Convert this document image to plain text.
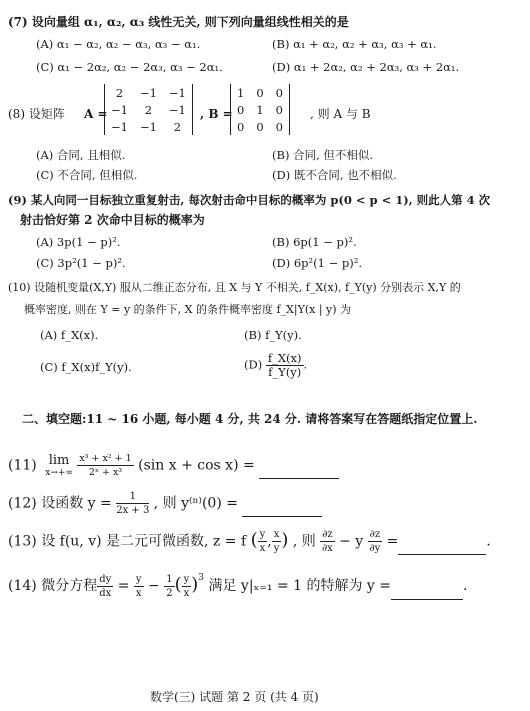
(7) 设向量组 α₁, α₂, α₃ 线性无关, 则下列向量组线性相关的是
(A) α₁ − α₂, α₂ − α₃, α₃ − α₁.	(B) α₁ + α₂, α₂ + α₃, α₃ + α₁.
(C) α₁ − 2α₂, α₂ − 2α₃, α₃ − 2α₁.	(D) α₁ + 2α₂, α₂ + 2α₃, α₃ + 2α₁.
(8) 设矩阵 A =
2	−1	−1
−1	2	−1
−1	−1	2
, B =
1	0	0
0	1	0
0	0	0
, 则 A 与 B
(A) 合同, 且相似.	(B) 合同, 但不相似.
(C) 不合同, 但相似.	(D) 既不合同, 也不相似.
(9) 某人向同一目标独立重复射击, 每次射击命中目标的概率为 p(0 < p < 1), 则此人第 4 次
射击恰好第 2 次命中目标的概率为
(A) 3p(1 − p)².	(B) 6p(1 − p)².
(C) 3p²(1 − p)².	(D) 6p²(1 − p)².
(10) 设随机变量(X,Y) 服从二维正态分布, 且 X 与 Y 不相关, f_X(x), f_Y(y) 分别表示 X,Y 的
概率密度, 则在 Y = y 的条件下, X 的条件概率密度 f_X|Y(x | y) 为
(A) f_X(x).	(B) f_Y(y).
(C) f_X(x)f_Y(y).	$(D) \frac{f\_X(x)}{f\_Y(y)}$ .
二、填空题:11 ~ 16 小题, 每小题 4 分, 共 24 分. 请将答案写在答题纸指定位置上.
(11) lim
x→+∞
$\frac{\text{x³ + x² + 1}}{\text{2ˣ + x³}} (\sin$ x + cos x) =
(12) 设函数 $y = \frac{1}{2x + 3}$ , 则 y⁽ⁿ⁾(0) =
(13) 设 f(u, v) 是二元可微函数, z = f ( $\frac{y}{x}$ , $\frac{x}{y}$ ) , 则 $\frac{\partial z}{\partial x} - y \frac{\partial z}{\partial y}$ =	.
(14) 微分方程 $\frac{dy}{dx} = \frac{y}{x} - \frac{1}{2}$ ( $\frac{y}{x} )^3$ 满足 y|ₓ₌₁ = 1 的特解为 y =	.
数学(三) 试题 第 2 页 (共 4 页)
